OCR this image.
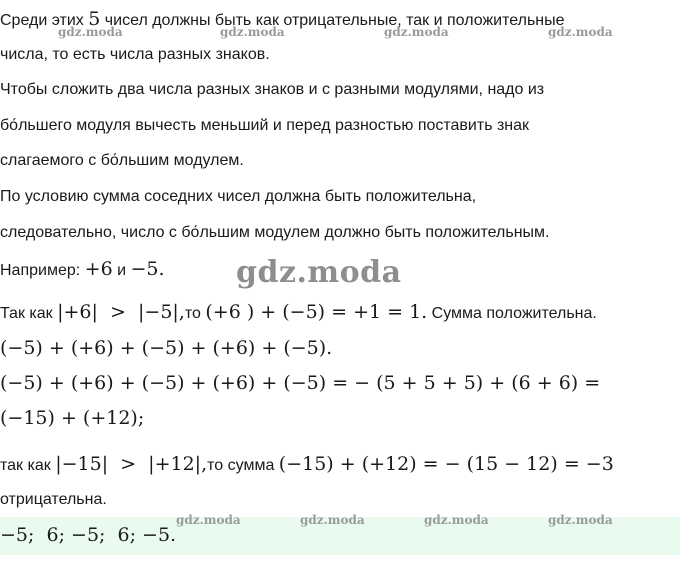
gdz.moda	gdz.moda	gdz.moda	gdz.moda
gdz.moda
Среди этих 5 чисел должны быть как отрицательные, так и положительные
числа, то есть числа разных знаков.
Чтобы сложить два числа разных знаков и с разными модулями, надо из
бо́льшего модуля вычесть меньший и перед разностью поставить знак
слагаемого с бо́льшим модулем.
По условию сумма соседних чисел должна быть положительна,
следовательно, число с бо́льшим модулем должно быть положительным.
Например: +6 и −5.
Так как |+6|  >  |−5|,то (+6 ) + (−5) = +1 = 1. Сумма положительна.
(−5) + (+6) + (−5) + (+6) + (−5).
(−5) + (+6) + (−5) + (+6) + (−5) = − (5 + 5 + 5) + (6 + 6) =
(−15) + (+12);
так как |−15|  >  |+12|,то сумма (−15) + (+12) = − (15 − 12) = −3
отрицательна.
gdz.moda	gdz.moda	gdz.moda	gdz.moda
−5;  6; −5;  6; −5.
